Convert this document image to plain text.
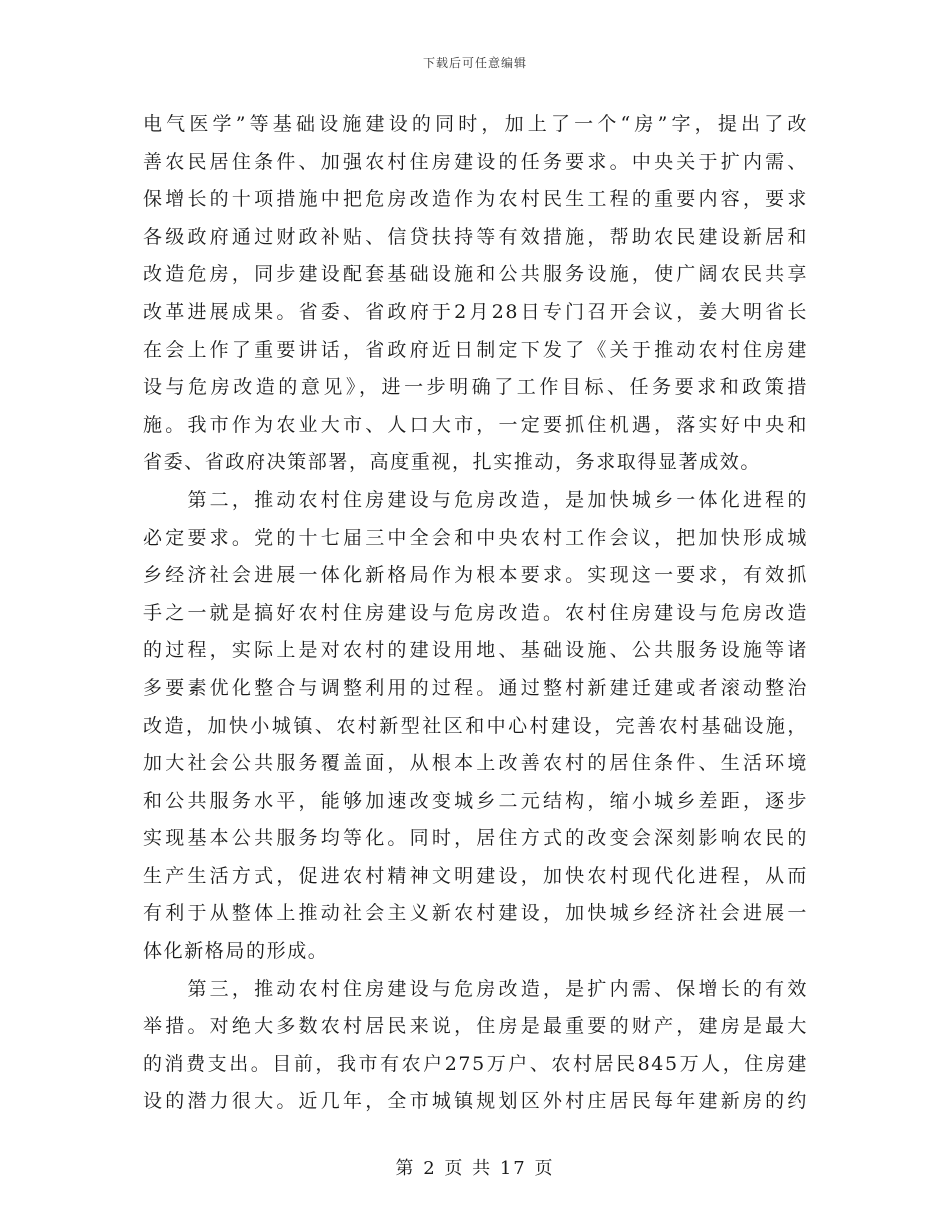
下载后可任意编辑
电气医学”等基础设施建设的同时，加上了一个“房”字，提出了改
善农民居住条件、加强农村住房建设的任务要求。中央关于扩内需、
保增长的十项措施中把危房改造作为农村民生工程的重要内容，要求
各级政府通过财政补贴、信贷扶持等有效措施，帮助农民建设新居和
改造危房，同步建设配套基础设施和公共服务设施，使广阔农民共享
改革进展成果。省委、省政府于2月28日专门召开会议，姜大明省长
在会上作了重要讲话，省政府近日制定下发了《关于推动农村住房建
设与危房改造的意见》，进一步明确了工作目标、任务要求和政策措
施。我市作为农业大市、人口大市，一定要抓住机遇，落实好中央和
省委、省政府决策部署，高度重视，扎实推动，务求取得显著成效。
　　第二，推动农村住房建设与危房改造，是加快城乡一体化进程的
必定要求。党的十七届三中全会和中央农村工作会议，把加快形成城
乡经济社会进展一体化新格局作为根本要求。实现这一要求，有效抓
手之一就是搞好农村住房建设与危房改造。农村住房建设与危房改造
的过程，实际上是对农村的建设用地、基础设施、公共服务设施等诸
多要素优化整合与调整利用的过程。通过整村新建迁建或者滚动整治
改造，加快小城镇、农村新型社区和中心村建设，完善农村基础设施，
加大社会公共服务覆盖面，从根本上改善农村的居住条件、生活环境
和公共服务水平，能够加速改变城乡二元结构，缩小城乡差距，逐步
实现基本公共服务均等化。同时，居住方式的改变会深刻影响农民的
生产生活方式，促进农村精神文明建设，加快农村现代化进程，从而
有利于从整体上推动社会主义新农村建设，加快城乡经济社会进展一
体化新格局的形成。
　　第三，推动农村住房建设与危房改造，是扩内需、保增长的有效
举措。对绝大多数农村居民来说，住房是最重要的财产，建房是最大
的消费支出。目前，我市有农户275万户、农村居民845万人，住房建
设的潜力很大。近几年，全市城镇规划区外村庄居民每年建新房的约
第 2 页 共 17 页
